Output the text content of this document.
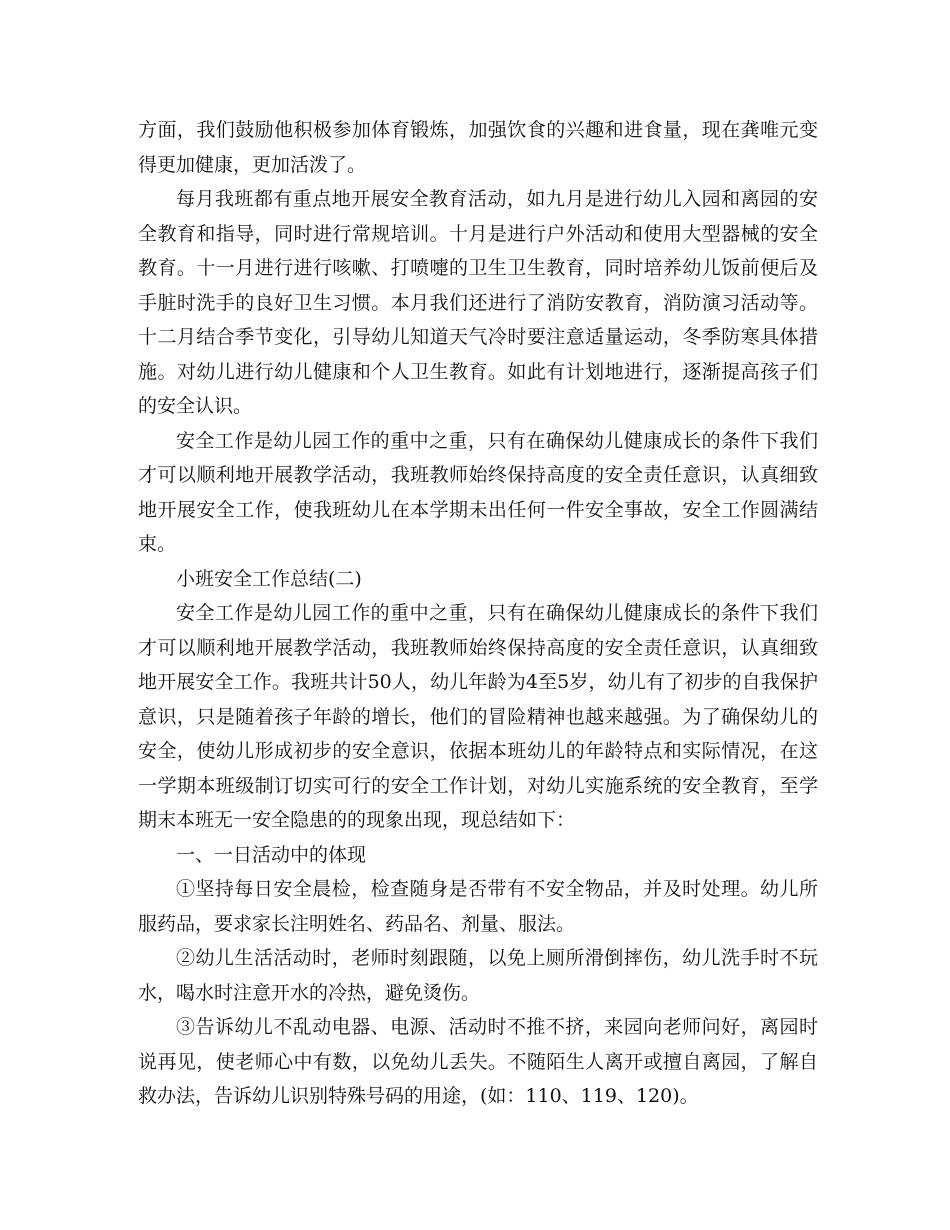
方面，我们鼓励他积极参加体育锻炼，加强饮食的兴趣和进食量，现在龚唯元变得更加健康，更加活泼了。

每月我班都有重点地开展安全教育活动，如九月是进行幼儿入园和离园的安全教育和指导，同时进行常规培训。十月是进行户外活动和使用大型器械的安全教育。十一月进行进行咳嗽、打喷嚏的卫生卫生教育，同时培养幼儿饭前便后及手脏时洗手的良好卫生习惯。本月我们还进行了消防安教育，消防演习活动等。十二月结合季节变化，引导幼儿知道天气冷时要注意适量运动，冬季防寒具体措施。对幼儿进行幼儿健康和个人卫生教育。如此有计划地进行，逐渐提高孩子们的安全认识。

安全工作是幼儿园工作的重中之重，只有在确保幼儿健康成长的条件下我们才可以顺利地开展教学活动，我班教师始终保持高度的安全责任意识，认真细致地开展安全工作，使我班幼儿在本学期未出任何一件安全事故，安全工作圆满结束。

小班安全工作总结(二)

安全工作是幼儿园工作的重中之重，只有在确保幼儿健康成长的条件下我们才可以顺利地开展教学活动，我班教师始终保持高度的安全责任意识，认真细致地开展安全工作。我班共计50人，幼儿年龄为4至5岁，幼儿有了初步的自我保护意识，只是随着孩子年龄的增长，他们的冒险精神也越来越强。为了确保幼儿的安全，使幼儿形成初步的安全意识，依据本班幼儿的年龄特点和实际情况，在这一学期本班级制订切实可行的安全工作计划，对幼儿实施系统的安全教育，至学期末本班无一安全隐患的的现象出现，现总结如下：

一、一日活动中的体现

①坚持每日安全晨检，检查随身是否带有不安全物品，并及时处理。幼儿所服药品，要求家长注明姓名、药品名、剂量、服法。

②幼儿生活活动时，老师时刻跟随，以免上厕所滑倒摔伤，幼儿洗手时不玩水，喝水时注意开水的冷热，避免烫伤。

③告诉幼儿不乱动电器、电源、活动时不推不挤，来园向老师问好，离园时说再见，使老师心中有数，以免幼儿丢失。不随陌生人离开或擅自离园，了解自救办法，告诉幼儿识别特殊号码的用途，(如：110、119、120)。
